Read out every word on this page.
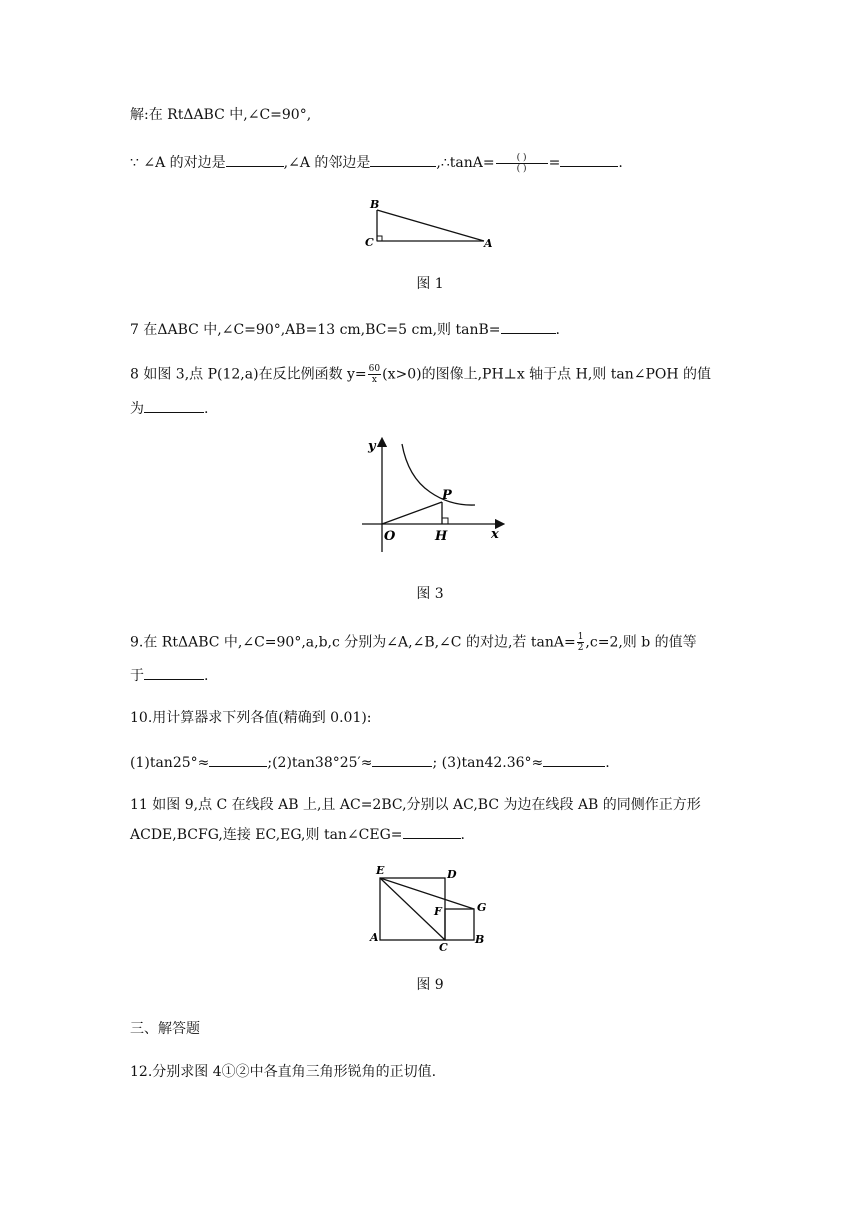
解:在 RtΔABC 中,∠C=90°,
∵ ∠A 的对边是	,∠A 的邻边是	,∴tanA= $\frac{( )}{( )}$ =	.
B
C	A
图 1
7 在ΔABC 中,∠C=90°,AB=13 cm,BC=5 cm,则 tanB=	.
8 如图 3,点 P(12,a)在反比例函数 $y= \frac{60}{x} (x>0)$的图像上,PH⊥x 轴于点 H,则 tan∠POH 的值
为	.
y
x
O	H
P
图 3
9.在 RtΔABC 中,∠C=90°,a,b,c 分别为∠A,∠B,∠C 的对边,若 $\tan A= \frac{1}{2} ,c=2$,则 b 的值等
于	.
10.用计算器求下列各值(精确到 0.01):
(1)tan25°≈	;(2)tan38°25′≈	; (3)tan42.36°≈	.
11 如图 9,点 C 在线段 AB 上,且 AC=2BC,分别以 AC,BC 为边在线段 AB 的同侧作正方形
ACDE,BCFG,连接 EC,EG,则 tan∠CEG=	.
E	D
F	G
A
C
B
图 9
三、解答题
12.分别求图 4①②中各直角三角形锐角的正切值.
